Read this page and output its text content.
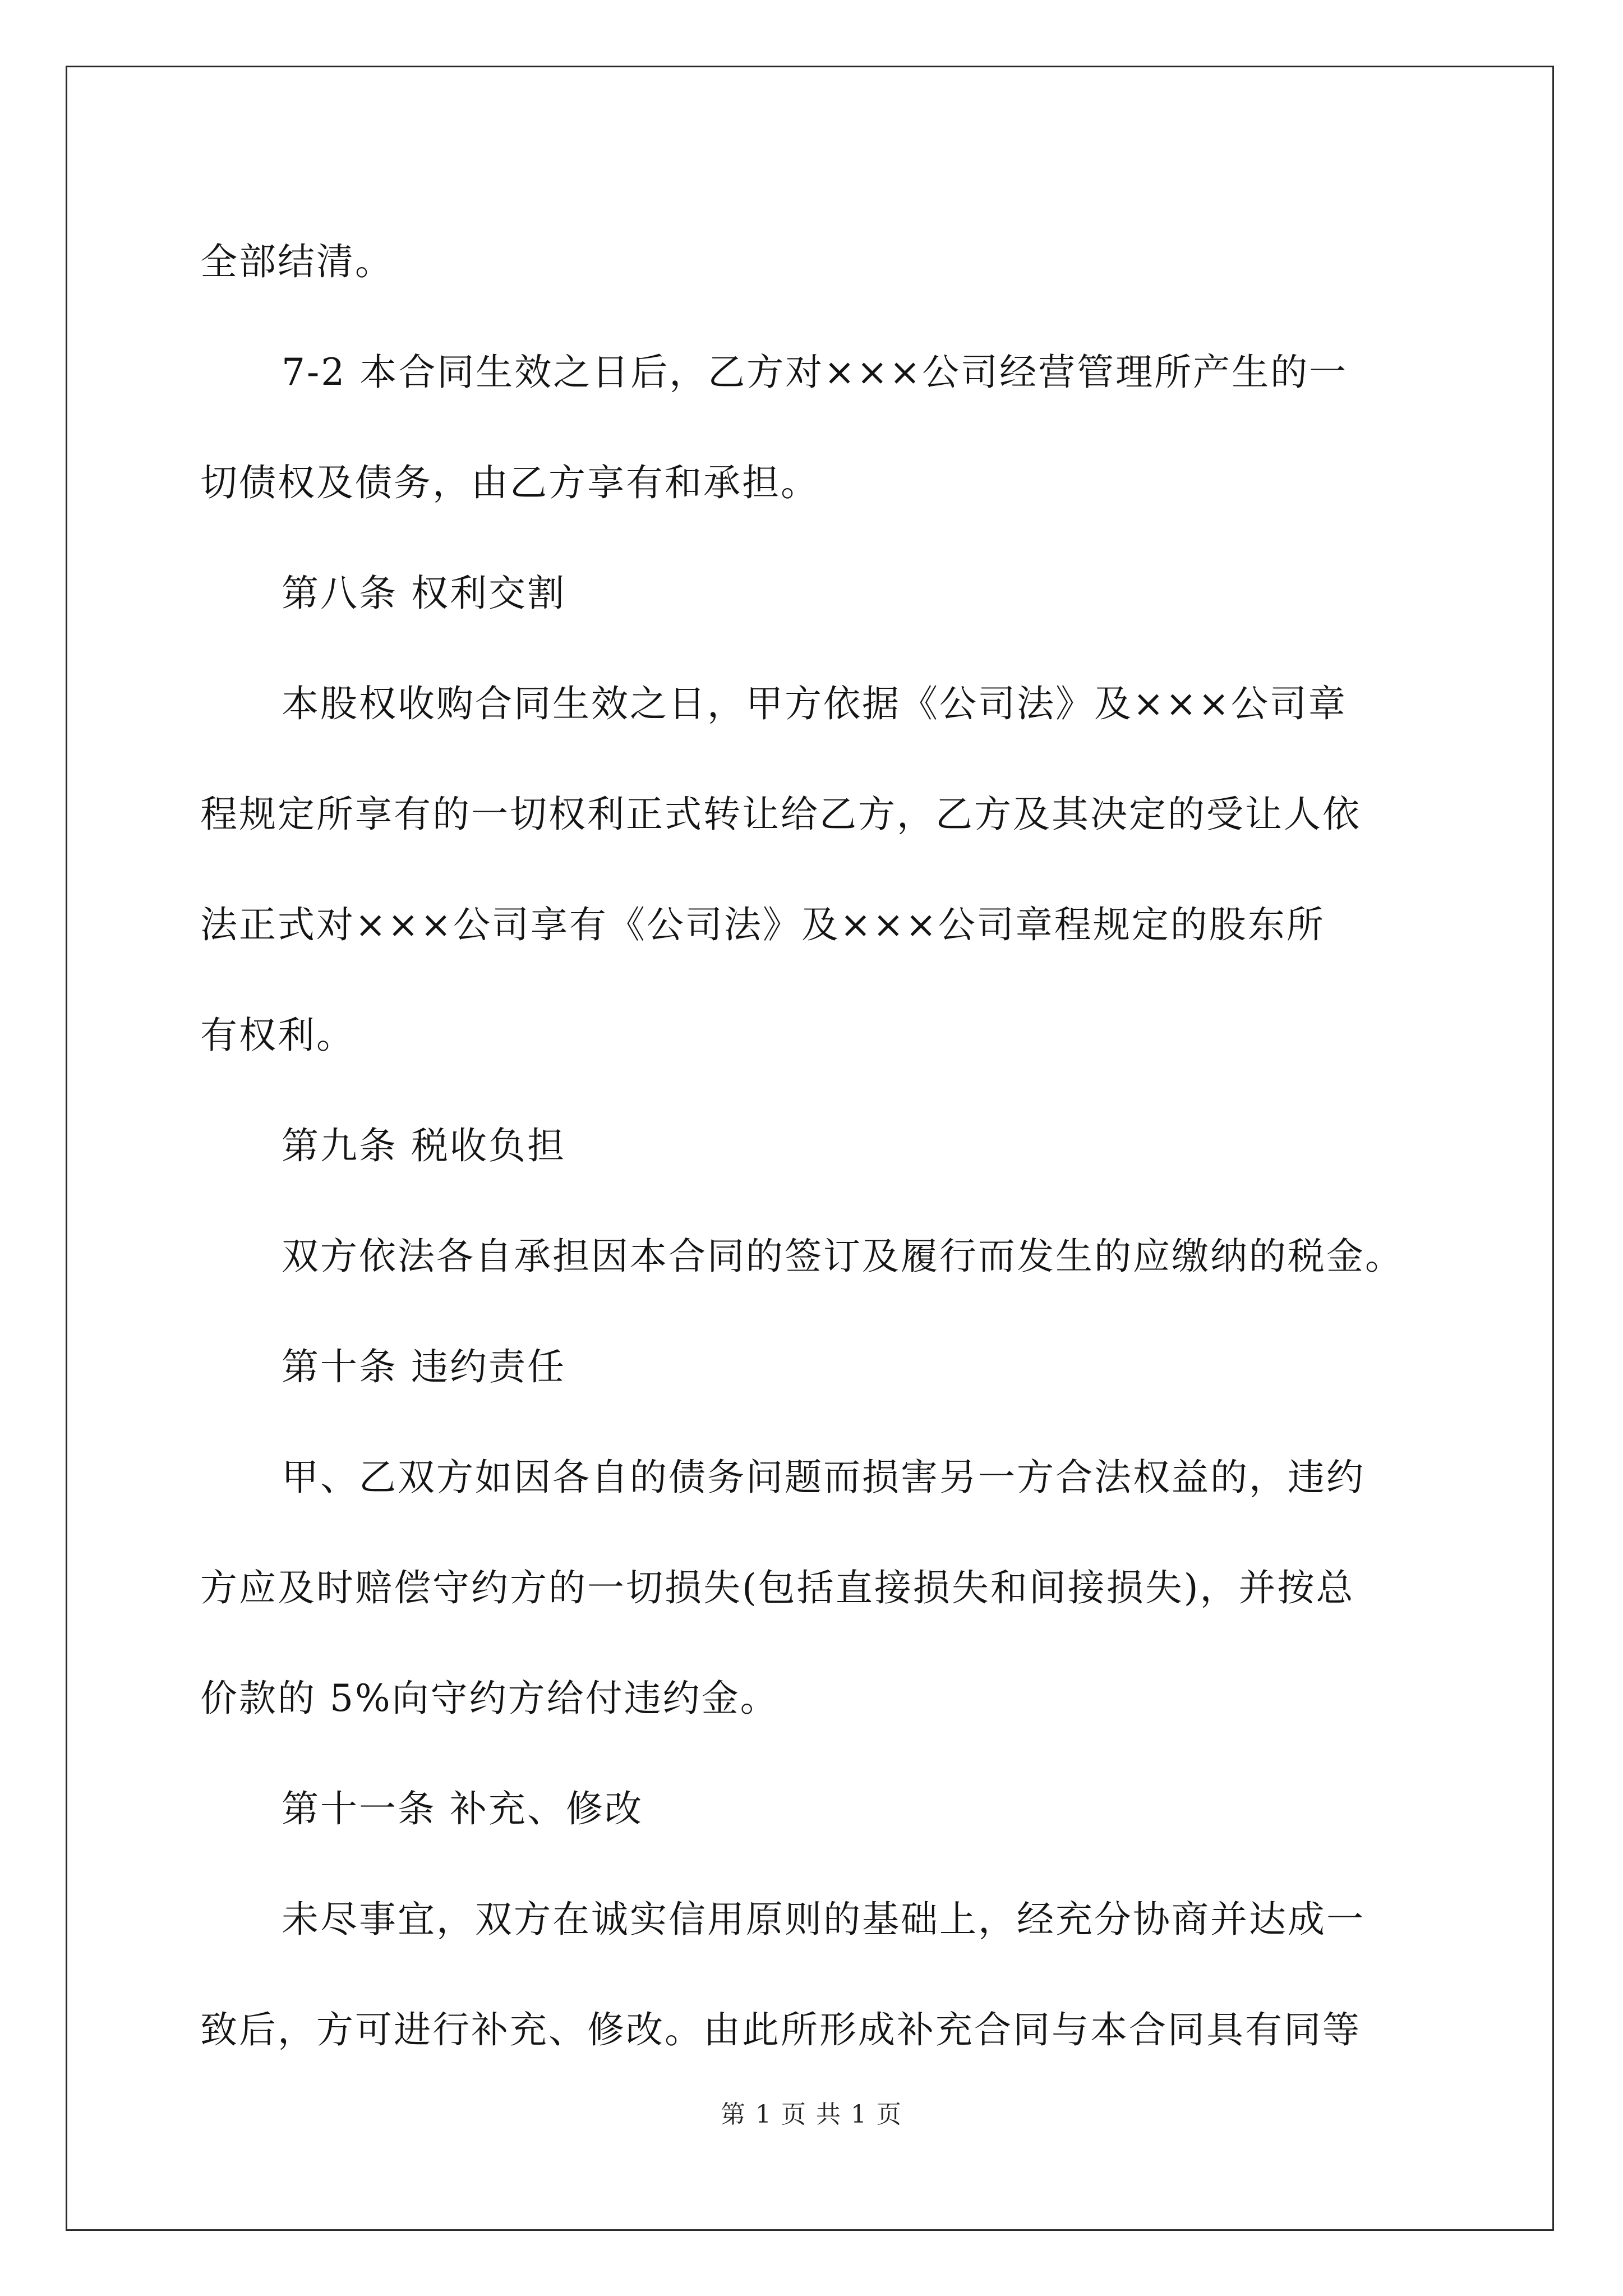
全部结清。

7-2 本合同生效之日后，乙方对×××公司经营管理所产生的一

切债权及债务，由乙方享有和承担。

第八条 权利交割

本股权收购合同生效之日，甲方依据《公司法》及×××公司章

程规定所享有的一切权利正式转让给乙方，乙方及其决定的受让人依

法正式对×××公司享有《公司法》及×××公司章程规定的股东所

有权利。

第九条 税收负担

双方依法各自承担因本合同的签订及履行而发生的应缴纳的税金。

第十条 违约责任

甲、乙双方如因各自的债务问题而损害另一方合法权益的，违约

方应及时赔偿守约方的一切损失(包括直接损失和间接损失)，并按总

价款的 5%向守约方给付违约金。

第十一条 补充、修改

未尽事宜，双方在诚实信用原则的基础上，经充分协商并达成一

致后，方可进行补充、修改。由此所形成补充合同与本合同具有同等

第 1 页 共 1 页
